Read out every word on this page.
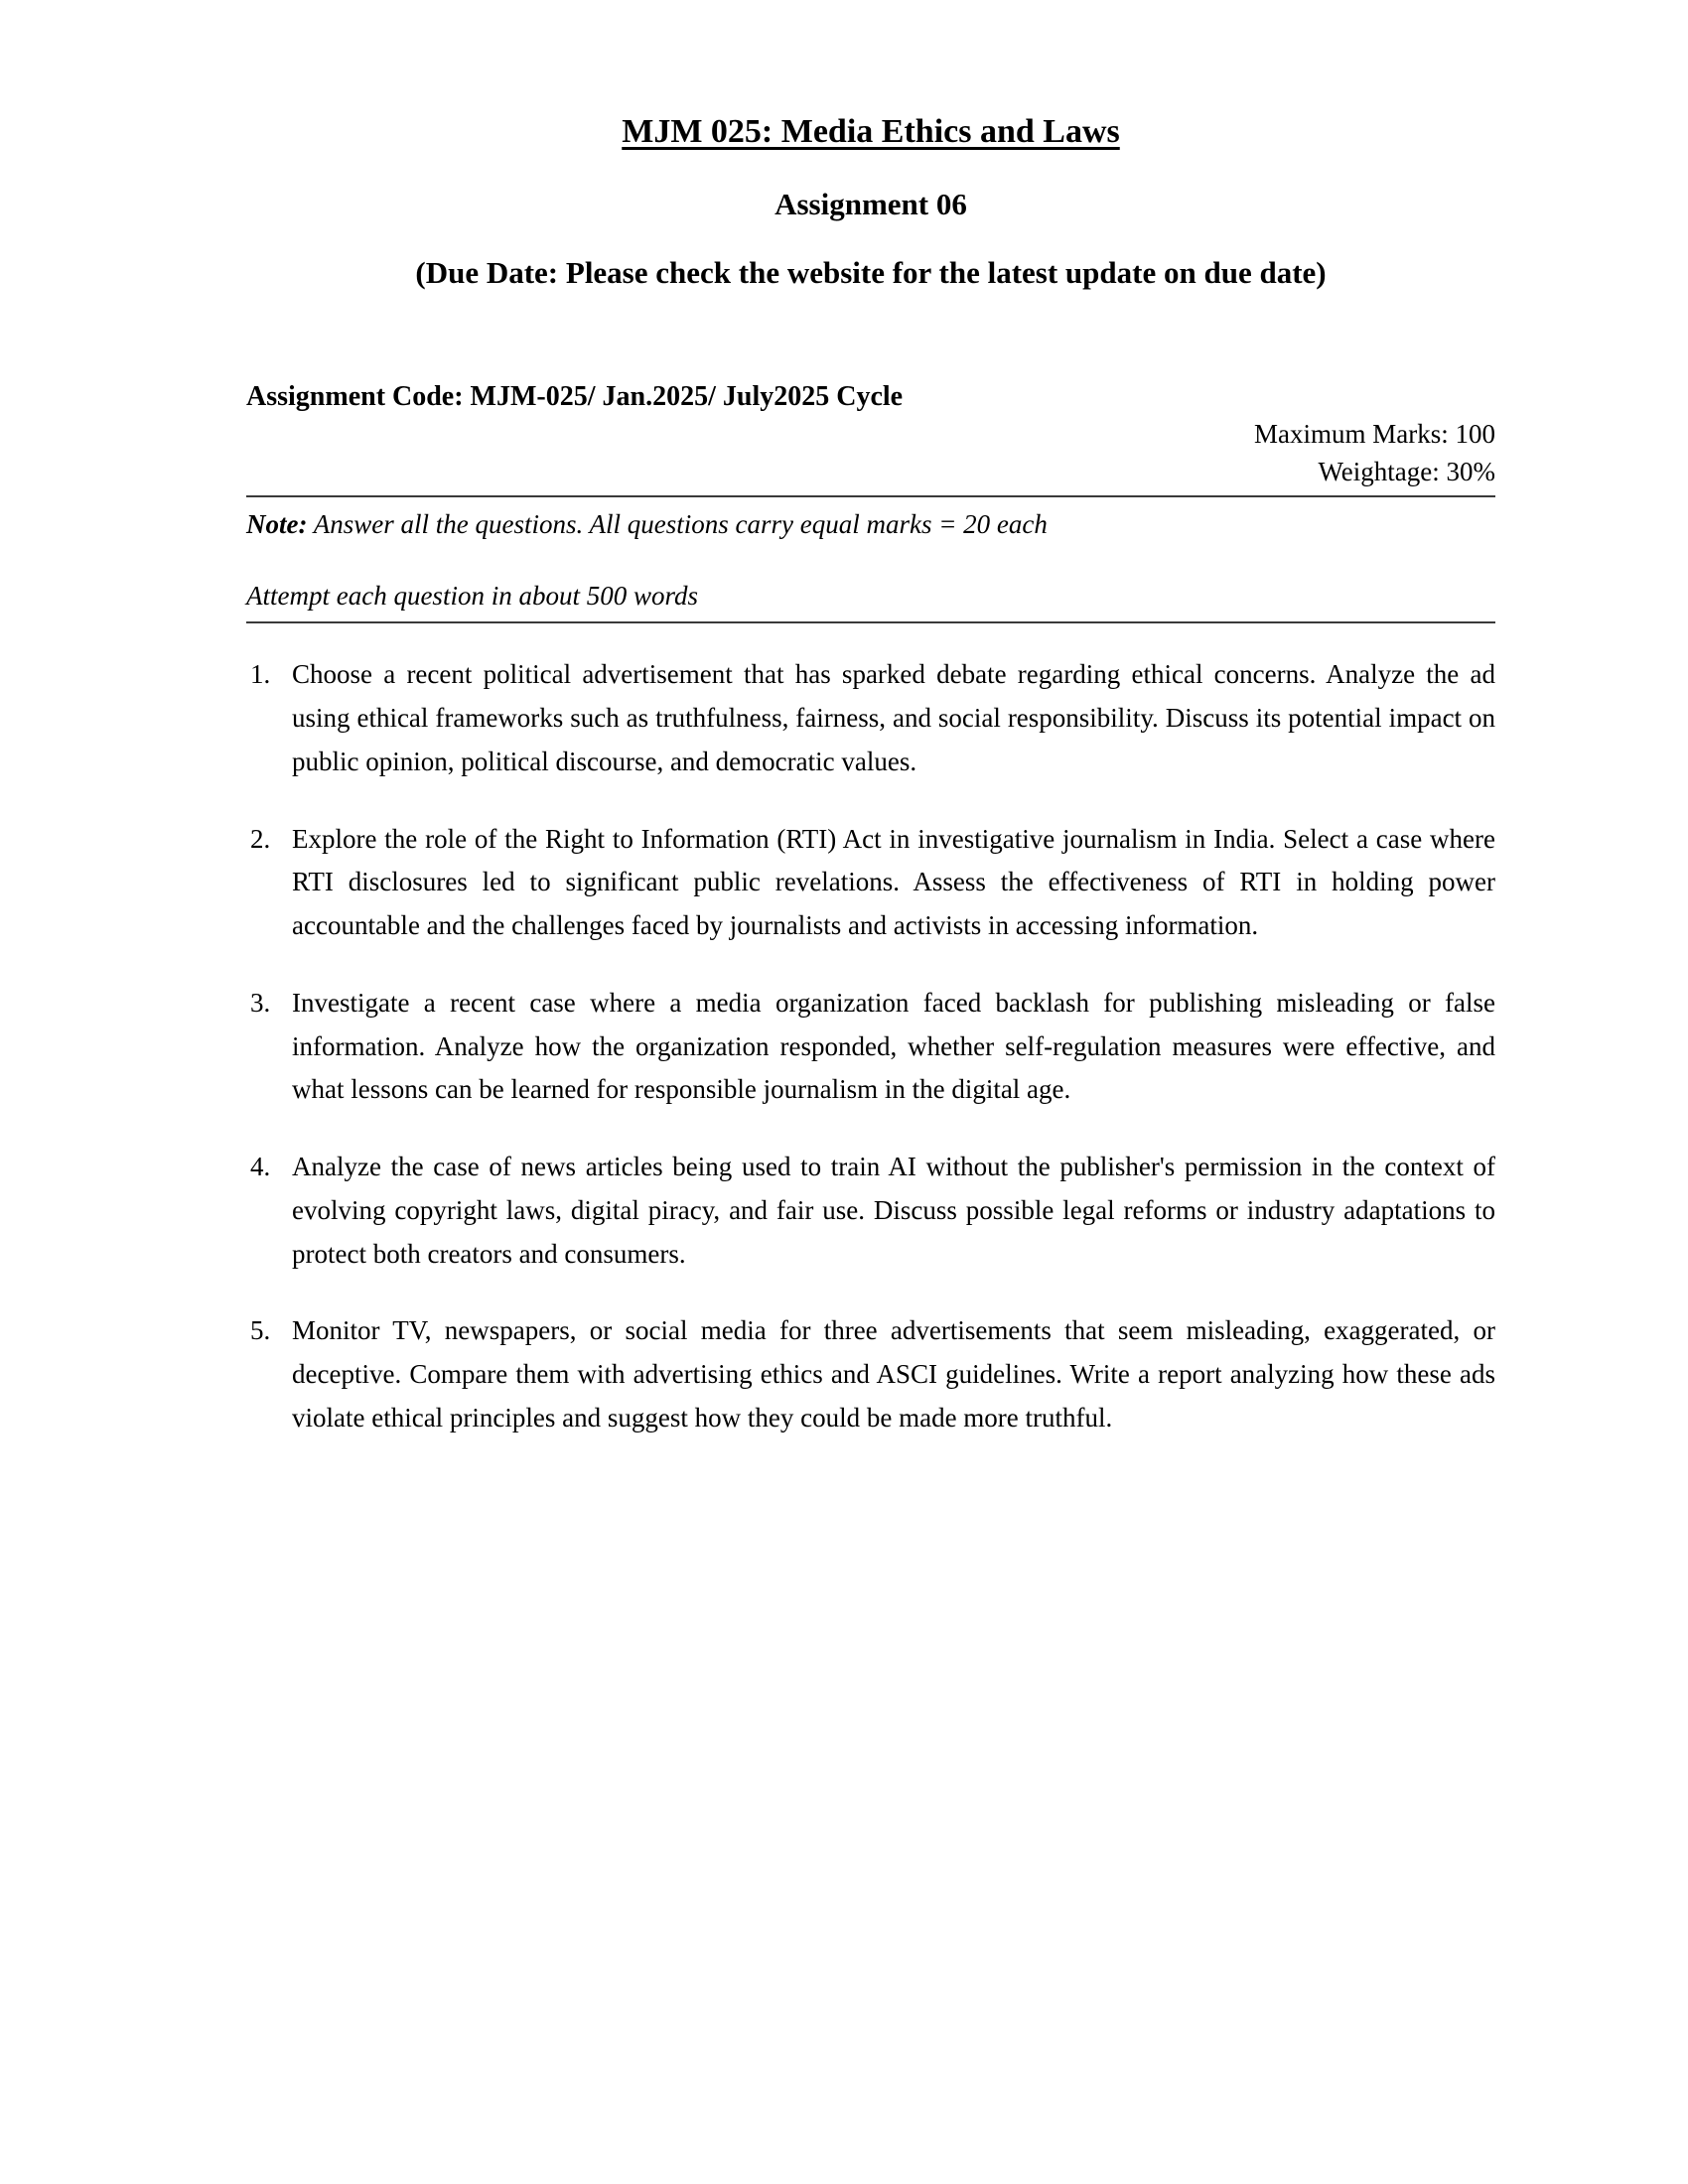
MJM 025: Media Ethics and Laws
Assignment 06
(Due Date: Please check the website for the latest update on due date)

Assignment Code: MJM-025/ Jan.2025/ July2025 Cycle

Maximum Marks: 100

Weightage: 30%

Note: Answer all the questions. All questions carry equal marks = 20 each

Attempt each question in about 500 words

1. Choose a recent political advertisement that has sparked debate regarding ethical concerns. Analyze the ad using ethical frameworks such as truthfulness, fairness, and social responsibility. Discuss its potential impact on public opinion, political discourse, and democratic values.
2. Explore the role of the Right to Information (RTI) Act in investigative journalism in India. Select a case where RTI disclosures led to significant public revelations. Assess the effectiveness of RTI in holding power accountable and the challenges faced by journalists and activists in accessing information.
3. Investigate a recent case where a media organization faced backlash for publishing misleading or false information. Analyze how the organization responded, whether self-regulation measures were effective, and what lessons can be learned for responsible journalism in the digital age.
4. Analyze the case of news articles being used to train AI without the publisher's permission in the context of evolving copyright laws, digital piracy, and fair use. Discuss possible legal reforms or industry adaptations to protect both creators and consumers.
5. Monitor TV, newspapers, or social media for three advertisements that seem misleading, exaggerated, or deceptive. Compare them with advertising ethics and ASCI guidelines. Write a report analyzing how these ads violate ethical principles and suggest how they could be made more truthful.
